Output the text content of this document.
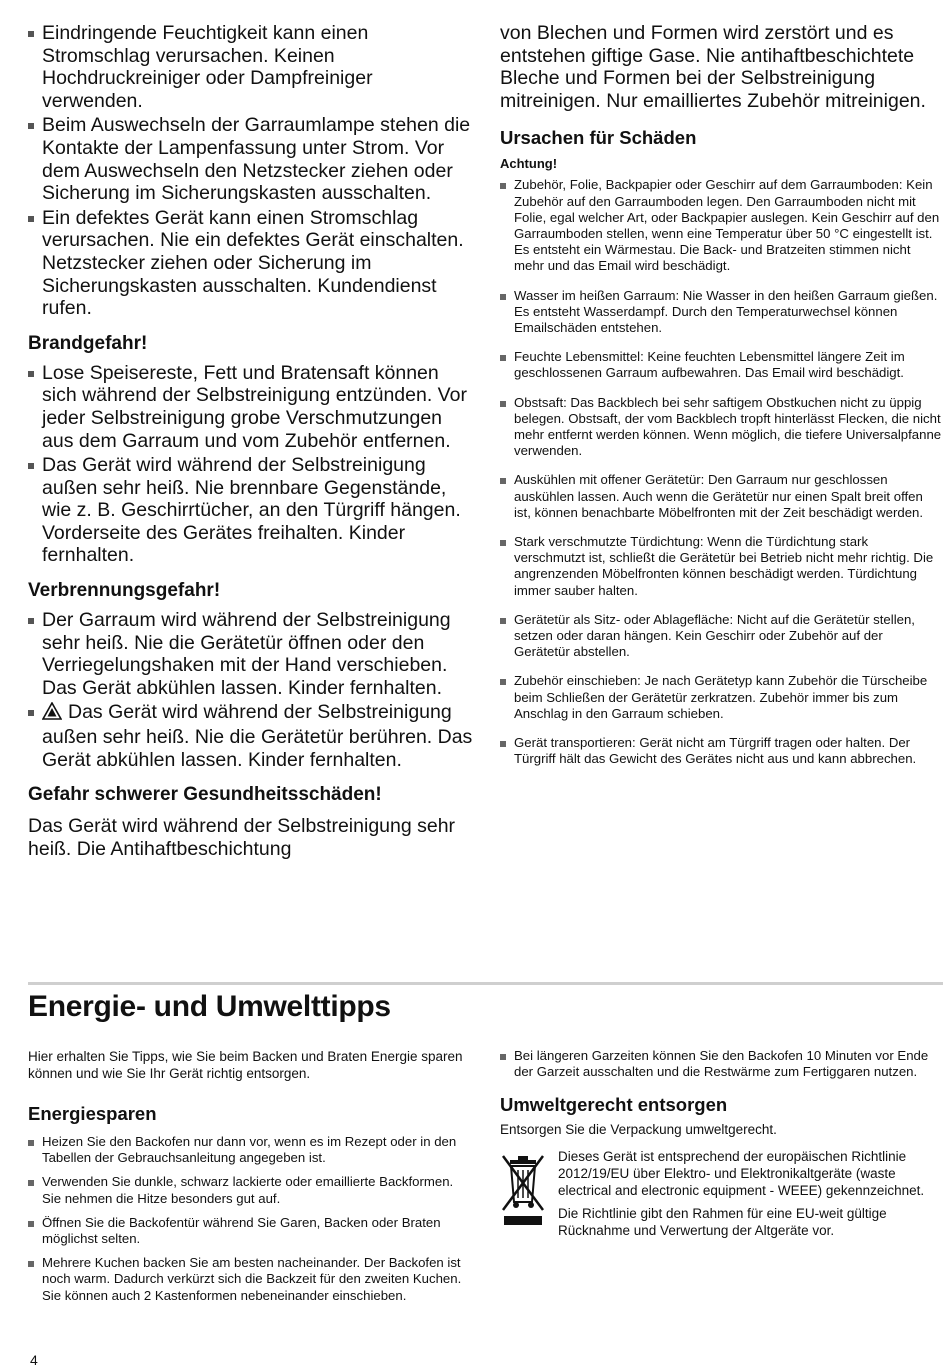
Eindringende Feuchtigkeit kann einen Stromschlag verursachen. Keinen Hochdruckreiniger oder Dampfreiniger verwenden.
Beim Auswechseln der Garraumlampe stehen die Kontakte der Lampenfassung unter Strom. Vor dem Auswechseln den Netzstecker ziehen oder Sicherung im Sicherungskasten ausschalten.
Ein defektes Gerät kann einen Stromschlag verursachen. Nie ein defektes Gerät einschalten. Netzstecker ziehen oder Sicherung im Sicherungskasten ausschalten. Kundendienst rufen.
Brandgefahr!
Lose Speisereste, Fett und Bratensaft können sich während der Selbstreinigung entzünden. Vor jeder Selbstreinigung grobe Verschmutzungen aus dem Garraum und vom Zubehör entfernen.
Das Gerät wird während der Selbstreinigung außen sehr heiß. Nie brennbare Gegenstände, wie z. B. Geschirrtücher, an den Türgriff hängen. Vorderseite des Gerätes freihalten. Kinder fernhalten.
Verbrennungsgefahr!
Der Garraum wird während der Selbstreinigung sehr heiß. Nie die Gerätetür öffnen oder den Verriegelungshaken mit der Hand verschieben. Das Gerät abkühlen lassen. Kinder fernhalten.
Das Gerät wird während der Selbstreinigung außen sehr heiß. Nie die Gerätetür berühren. Das Gerät abkühlen lassen. Kinder fernhalten.
Gefahr schwerer Gesundheitsschäden!

Das Gerät wird während der Selbstreinigung sehr heiß. Die Antihaftbeschichtung

von Blechen und Formen wird zerstört und es entstehen giftige Gase. Nie antihaftbeschichtete Bleche und Formen bei der Selbstreinigung mitreinigen. Nur emailliertes Zubehör mitreinigen.

Ursachen für Schäden
Achtung!
Zubehör, Folie, Backpapier oder Geschirr auf dem Garraumboden: Kein Zubehör auf den Garraumboden legen. Den Garraumboden nicht mit Folie, egal welcher Art, oder Backpapier auslegen. Kein Geschirr auf den Garraumboden stellen, wenn eine Temperatur über 50 °C eingestellt ist. Es entsteht ein Wärmestau. Die Back- und Bratzeiten stimmen nicht mehr und das Email wird beschädigt.
Wasser im heißen Garraum: Nie Wasser in den heißen Garraum gießen. Es entsteht Wasserdampf. Durch den Temperaturwechsel können Emailschäden entstehen.
Feuchte Lebensmittel: Keine feuchten Lebensmittel längere Zeit im geschlossenen Garraum aufbewahren. Das Email wird beschädigt.
Obstsaft: Das Backblech bei sehr saftigem Obstkuchen nicht zu üppig belegen. Obstsaft, der vom Backblech tropft hinterlässt Flecken, die nicht mehr entfernt werden können. Wenn möglich, die tiefere Universalpfanne verwenden.
Auskühlen mit offener Gerätetür: Den Garraum nur geschlossen auskühlen lassen. Auch wenn die Gerätetür nur einen Spalt breit offen ist, können benachbarte Möbelfronten mit der Zeit beschädigt werden.
Stark verschmutzte Türdichtung: Wenn die Türdichtung stark verschmutzt ist, schließt die Gerätetür bei Betrieb nicht mehr richtig. Die angrenzenden Möbelfronten können beschädigt werden. Türdichtung immer sauber halten.
Gerätetür als Sitz- oder Ablagefläche: Nicht auf die Gerätetür stellen, setzen oder daran hängen. Kein Geschirr oder Zubehör auf der Gerätetür abstellen.
Zubehör einschieben: Je nach Gerätetyp kann Zubehör die Türscheibe beim Schließen der Gerätetür zerkratzen. Zubehör immer bis zum Anschlag in den Garraum schieben.
Gerät transportieren: Gerät nicht am Türgriff tragen oder halten. Der Türgriff hält das Gewicht des Gerätes nicht aus und kann abbrechen.
Energie- und Umwelttipps

Hier erhalten Sie Tipps, wie Sie beim Backen und Braten Energie sparen können und wie Sie Ihr Gerät richtig entsorgen.

Energiesparen
Heizen Sie den Backofen nur dann vor, wenn es im Rezept oder in den Tabellen der Gebrauchsanleitung angegeben ist.
Verwenden Sie dunkle, schwarz lackierte oder emaillierte Backformen. Sie nehmen die Hitze besonders gut auf.
Öffnen Sie die Backofentür während Sie Garen, Backen oder Braten möglichst selten.
Mehrere Kuchen backen Sie am besten nacheinander. Der Backofen ist noch warm. Dadurch verkürzt sich die Backzeit für den zweiten Kuchen. Sie können auch 2 Kastenformen nebeneinander einschieben.
Bei längeren Garzeiten können Sie den Backofen 10 Minuten vor Ende der Garzeit ausschalten und die Restwärme zum Fertiggaren nutzen.
Umweltgerecht entsorgen

Entsorgen Sie die Verpackung umweltgerecht.

Dieses Gerät ist entsprechend der europäischen Richtlinie 2012/19/EU über Elektro- und Elektronikaltgeräte (waste electrical and electronic equipment - WEEE) gekennzeichnet.

Die Richtlinie gibt den Rahmen für eine EU-weit gültige Rücknahme und Verwertung der Altgeräte vor.

4
